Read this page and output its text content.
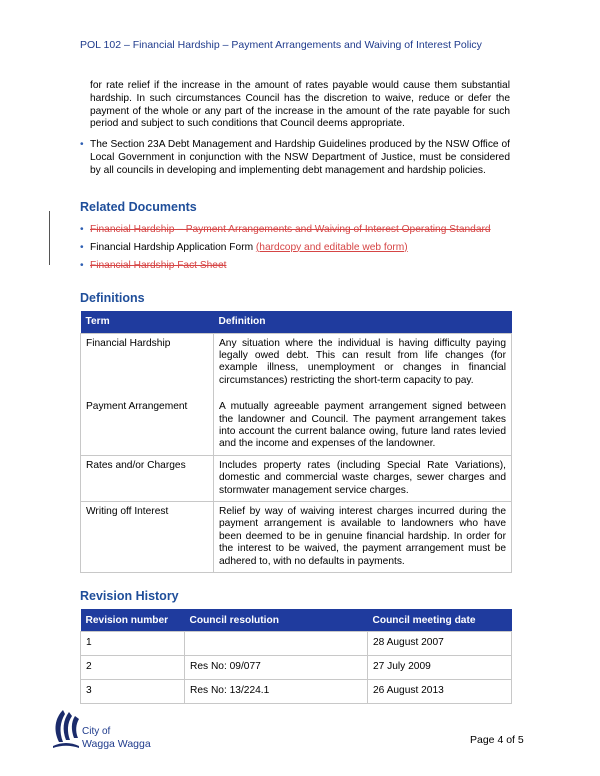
POL 102 – Financial Hardship – Payment Arrangements and Waiving of Interest Policy

for rate relief if the increase in the amount of rates payable would cause them substantial hardship. In such circumstances Council has the discretion to waive, reduce or defer the payment of the whole or any part of the increase in the amount of the rate payable for such period and subject to such conditions that Council deems appropriate.

• The Section 23A Debt Management and Hardship Guidelines produced by the NSW Office of Local Government in conjunction with the NSW Department of Justice, must be considered by all councils in developing and implementing debt management and hardship policies.
Related Documents
• Financial Hardship – Payment Arrangements and Waiving of Interest Operating Standard
• Financial Hardship Application Form (hardcopy and editable web form)
• Financial Hardship Fact Sheet
Definitions
Term	Definition
Financial Hardship	Any situation where the individual is having difficulty paying legally owed debt. This can result from life changes (for example illness, unemployment or changes in financial circumstances) restricting the short-term capacity to pay.
Payment Arrangement	A mutually agreeable payment arrangement signed between the landowner and Council. The payment arrangement takes into account the current balance owing, future land rates levied and the income and expenses of the landowner.
Rates and/or Charges	Includes property rates (including Special Rate Variations), domestic and commercial waste charges, sewer charges and stormwater management service charges.
Writing off Interest	Relief by way of waiving interest charges incurred during the payment arrangement is available to landowners who have been deemed to be in genuine financial hardship. In order for the interest to be waived, the payment arrangement must be adhered to, with no defaults in payments.
Revision History
Revision number	Council resolution	Council meeting date
1		28 August 2007
2	Res No: 09/077	27 July 2009
3	Res No: 13/224.1	26 August 2013
City of
Wagga Wagga	Page 4 of 5
